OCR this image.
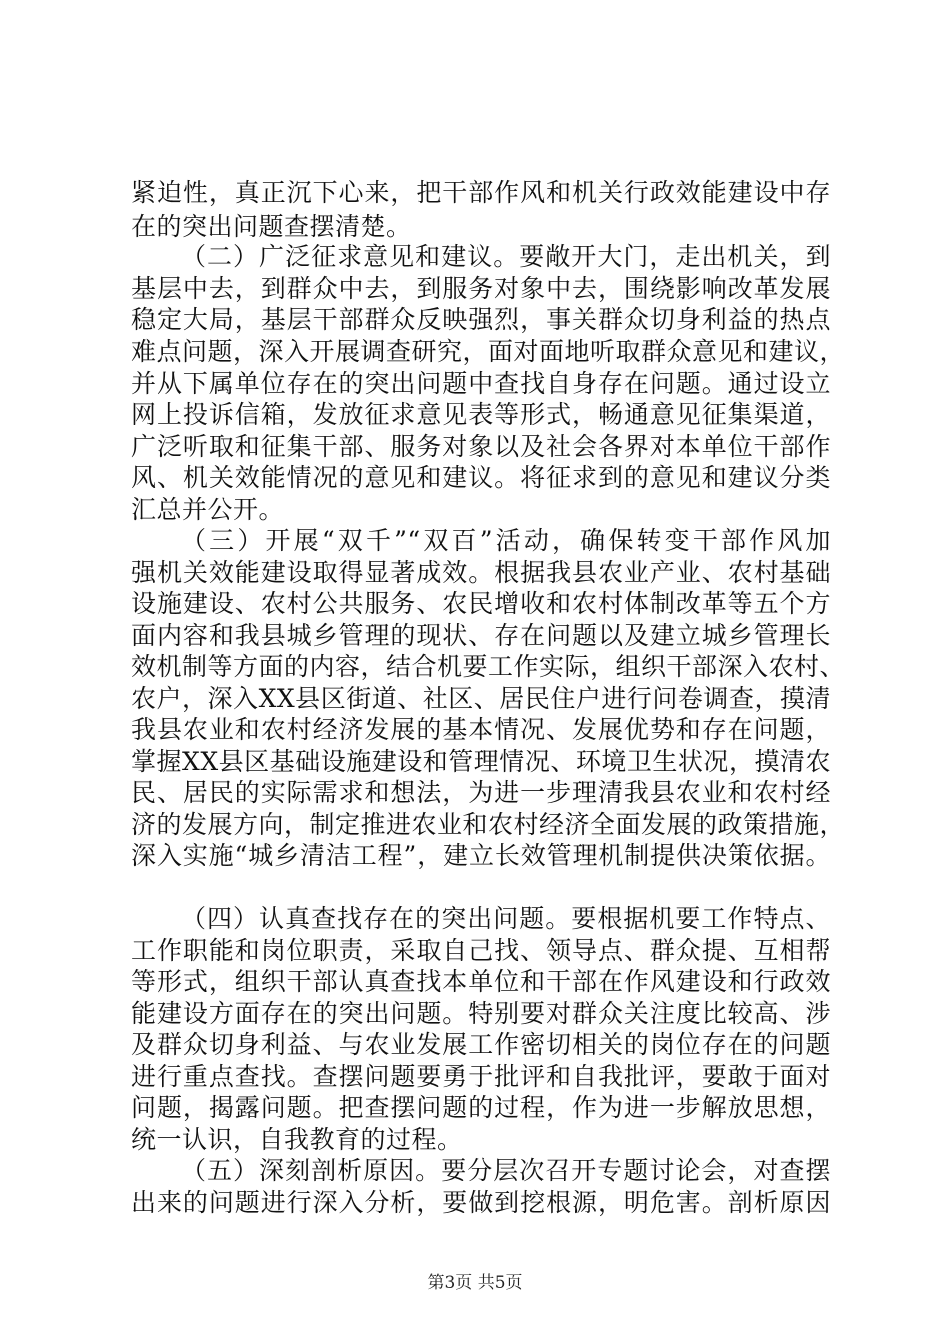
紧迫性，真正沉下心来，把干部作风和机关行政效能建设中存
在的突出问题查摆清楚。
（二）广泛征求意见和建议。要敞开大门，走出机关，到
基层中去，到群众中去，到服务对象中去，围绕影响改革发展
稳定大局，基层干部群众反映强烈，事关群众切身利益的热点
难点问题，深入开展调查研究，面对面地听取群众意见和建议，
并从下属单位存在的突出问题中查找自身存在问题。通过设立
网上投诉信箱，发放征求意见表等形式，畅通意见征集渠道，
广泛听取和征集干部、服务对象以及社会各界对本单位干部作
风、机关效能情况的意见和建议。将征求到的意见和建议分类
汇总并公开。
（三）开展“双千”“双百”活动，确保转变干部作风加
强机关效能建设取得显著成效。根据我县农业产业、农村基础
设施建设、农村公共服务、农民增收和农村体制改革等五个方
面内容和我县城乡管理的现状、存在问题以及建立城乡管理长
效机制等方面的内容，结合机要工作实际，组织干部深入农村、
农户，深入XX县区街道、社区、居民住户进行问卷调查，摸清
我县农业和农村经济发展的基本情况、发展优势和存在问题，
掌握XX县区基础设施建设和管理情况、环境卫生状况，摸清农
民、居民的实际需求和想法，为进一步理清我县农业和农村经
济的发展方向，制定推进农业和农村经济全面发展的政策措施，
深入实施“城乡清洁工程”，建立长效管理机制提供决策依据。
（四）认真查找存在的突出问题。要根据机要工作特点、
工作职能和岗位职责，采取自己找、领导点、群众提、互相帮
等形式，组织干部认真查找本单位和干部在作风建设和行政效
能建设方面存在的突出问题。特别要对群众关注度比较高、涉
及群众切身利益、与农业发展工作密切相关的岗位存在的问题
进行重点查找。查摆问题要勇于批评和自我批评，要敢于面对
问题，揭露问题。把查摆问题的过程，作为进一步解放思想，
统一认识，自我教育的过程。
（五）深刻剖析原因。要分层次召开专题讨论会，对查摆
出来的问题进行深入分析，要做到挖根源，明危害。剖析原因
第3页 共5页
